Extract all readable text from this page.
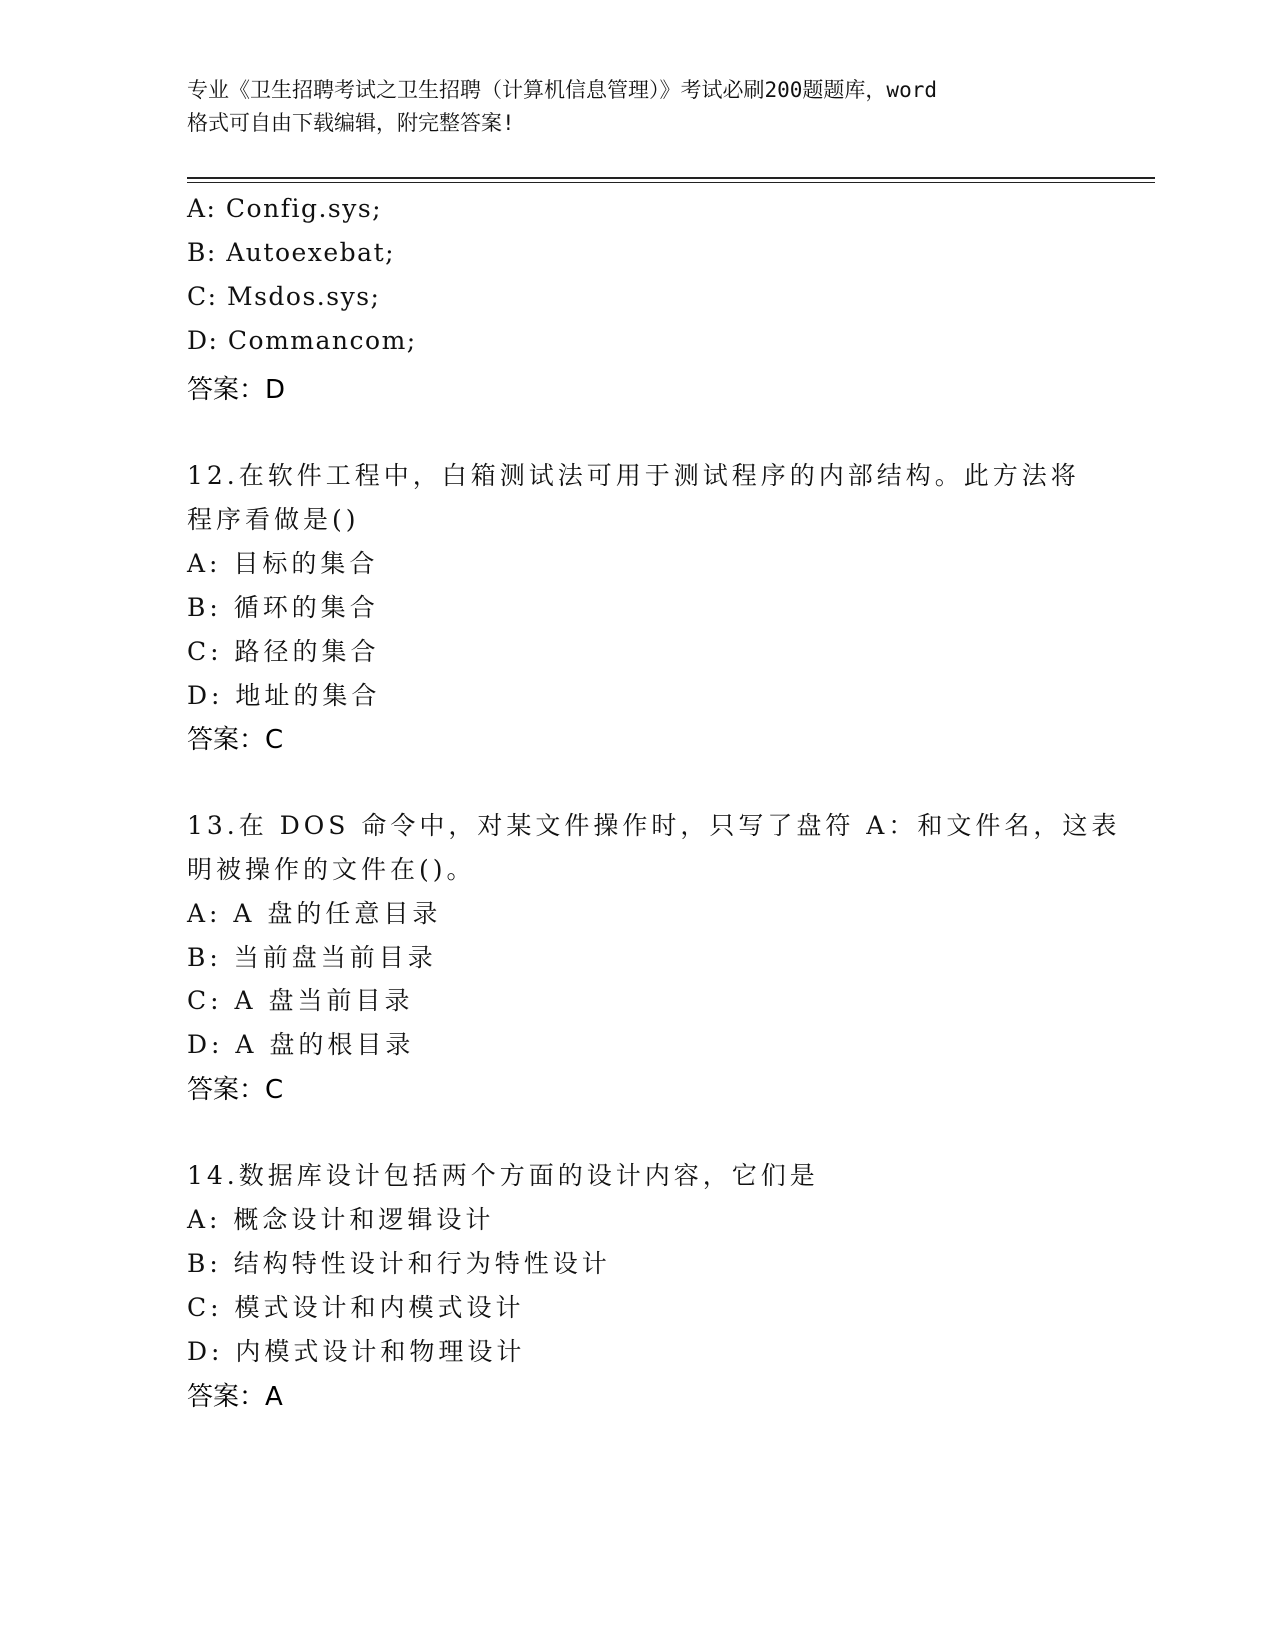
专业《卫生招聘考试之卫生招聘（计算机信息管理）》考试必刷200题题库，word
格式可自由下载编辑，附完整答案!
A: Config.sys;
B: Autoexebat;
C: Msdos.sys;
D: Commancom;
答案：D
12.在软件工程中，白箱测试法可用于测试程序的内部结构。此方法将
程序看做是()
A: 目标的集合
B: 循环的集合
C: 路径的集合
D: 地址的集合
答案：C
13.在 DOS 命令中，对某文件操作时，只写了盘符 A：和文件名，这表
明被操作的文件在()。
A: A 盘的任意目录
B: 当前盘当前目录
C: A 盘当前目录
D: A 盘的根目录
答案：C
14.数据库设计包括两个方面的设计内容，它们是
A: 概念设计和逻辑设计
B: 结构特性设计和行为特性设计
C: 模式设计和内模式设计
D: 内模式设计和物理设计
答案：A
